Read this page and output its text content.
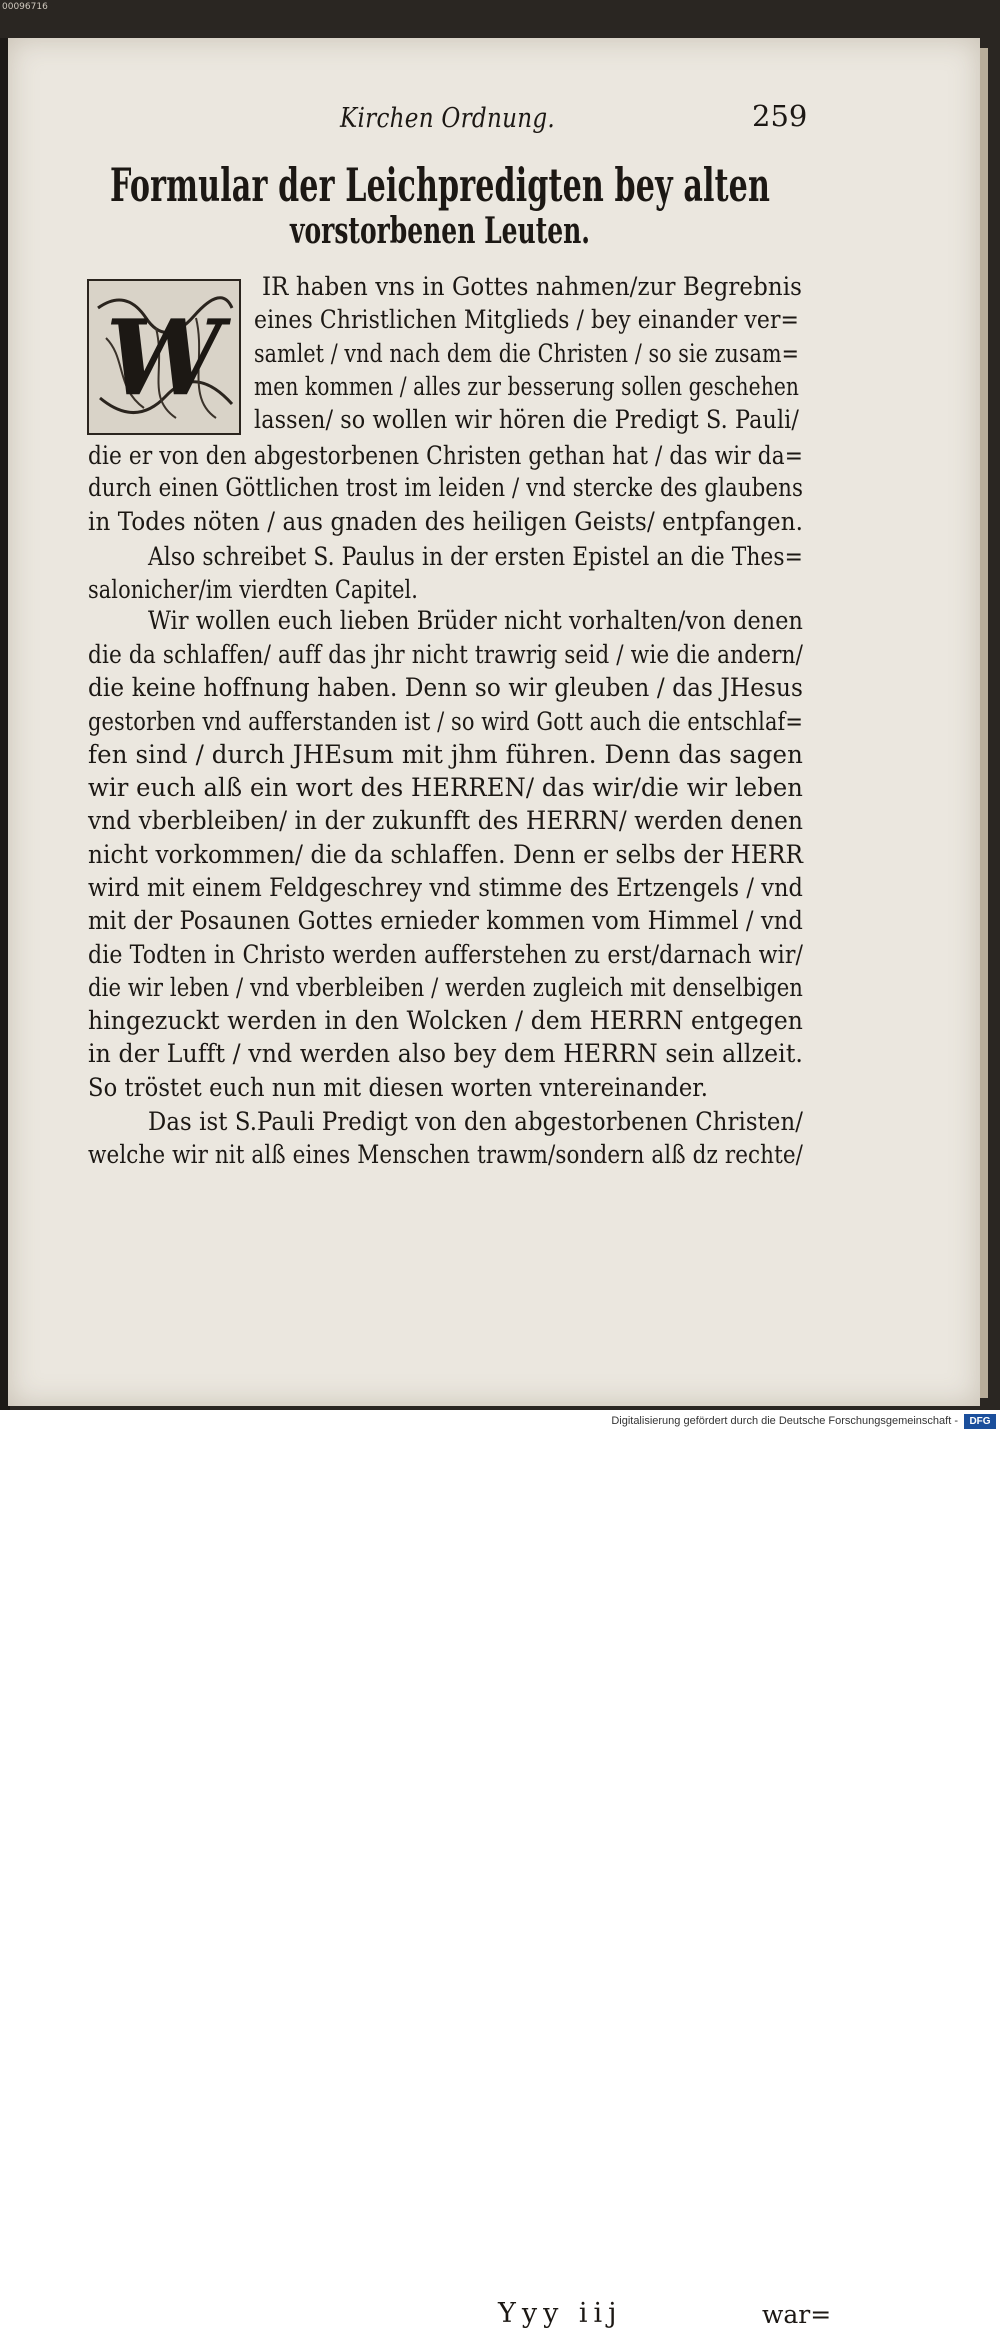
00096716
Kirchen Ordnung.	259
Formular der Leichpredigten bey alten
vorstorbenen Leuten.
W
IR haben vns in Gottes nahmen/zur Begrebnis
eines Christlichen Mitglieds / bey einander ver=
samlet / vnd nach dem die Christen / so sie zusam=
men kommen / alles zur besserung sollen geschehen
lassen/ so wollen wir hören die Predigt S. Pauli/
die er von den abgestorbenen Christen gethan hat / das wir da=
durch einen Göttlichen trost im leiden / vnd stercke des glaubens
in Todes nöten / aus gnaden des heiligen Geists/ entpfangen.
Also schreibet S. Paulus in der ersten Epistel an die Thes=
salonicher/im vierdten Capitel.
Wir wollen euch lieben Brüder nicht vorhalten/von denen
die da schlaffen/ auff das jhr nicht trawrig seid / wie die andern/
die keine hoffnung haben. Denn so wir gleuben / das JHesus
gestorben vnd aufferstanden ist / so wird Gott auch die entschlaf=
fen sind / durch JHEsum mit jhm führen. Denn das sagen
wir euch alß ein wort des HERREN/ das wir/die wir leben
vnd vberbleiben/ in der zukunfft des HERRN/ werden denen
nicht vorkommen/ die da schlaffen. Denn er selbs der HERR
wird mit einem Feldgeschrey vnd stimme des Ertzengels / vnd
mit der Posaunen Gottes ernieder kommen vom Himmel / vnd
die Todten in Christo werden aufferstehen zu erst/darnach wir/
die wir leben / vnd vberbleiben / werden zugleich mit denselbigen
hingezuckt werden in den Wolcken / dem HERRN entgegen
in der Lufft / vnd werden also bey dem HERRN sein allzeit.
So tröstet euch nun mit diesen worten vntereinander.
Das ist S.Pauli Predigt von den abgestorbenen Christen/
welche wir nit alß eines Menschen trawm/sondern alß dz rechte/
Yyy iij	war=
Digitalisierung gefördert durch die Deutsche Forschungsgemeinschaft -	DFG
